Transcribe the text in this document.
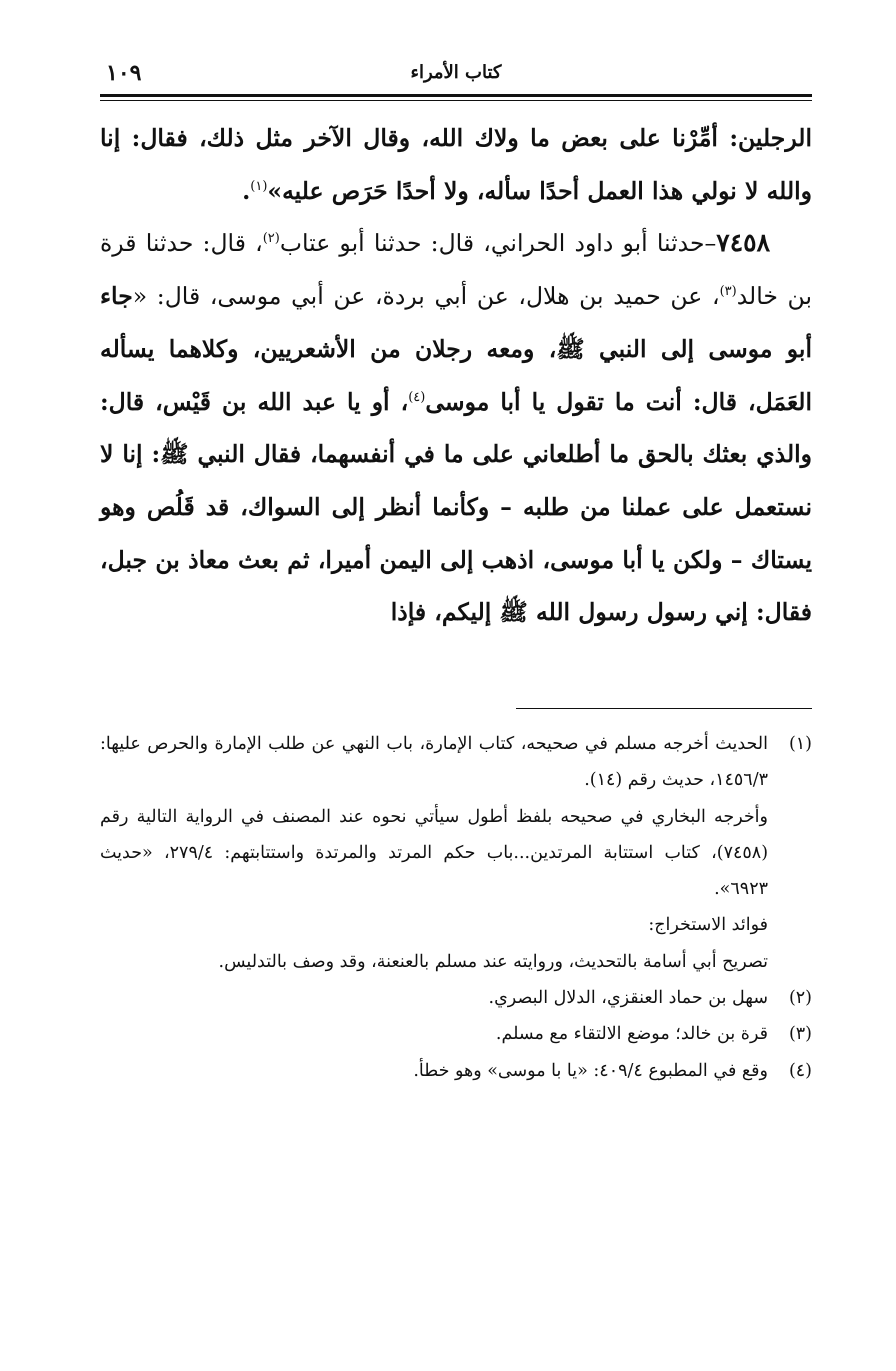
كتاب الأمراء
١٠٩

الرجلين: أمِّرْنا على بعض ما ولاك الله، وقال الآخر مثل ذلك، فقال: إنا والله لا نولي هذا العمل أحدًا سأله، ولا أحدًا حَرَص عليه»$^{(١)}$.

٧٤٥٨–حدثنا أبو داود الحراني، قال: حدثنا أبو عتاب$^{(٢)}$، قال: حدثنا قرة بن خالد$^{(٣)}$، عن حميد بن هلال، عن أبي بردة، عن أبي موسى، قال: «جاء أبو موسى إلى النبي ﷺ، ومعه رجلان من الأشعريين، وكلاهما يسأله العَمَل، قال: أنت ما تقول يا أبا موسى$^{(٤)}$، أو يا عبد الله بن قَيْس، قال: والذي بعثك بالحق ما أطلعاني على ما في أنفسهما، فقال النبي ﷺ: إنا لا نستعمل على عملنا من طلبه – وكأنما أنظر إلى السواك، قد قَلُص وهو يستاك – ولكن يا أبا موسى، اذهب إلى اليمن أميرا، ثم بعث معاذ بن جبل، فقال: إني رسول رسول الله ﷺ إليكم، فإذا

(١)
الحديث أخرجه مسلم في صحيحه، كتاب الإمارة، باب النهي عن طلب الإمارة والحرص عليها: ١٤٥٦/٣، حديث رقم (١٤).

وأخرجه البخاري في صحيحه بلفظ أطول سيأتي نحوه عند المصنف في الرواية التالية رقم (٧٤٥٨)، كتاب استتابة المرتدين...باب حكم المرتد والمرتدة واستتابتهم: ٢٧٩/٤، «حديث ٦٩٢٣».

فوائد الاستخراج:

تصريح أبي أسامة بالتحديث، وروايته عند مسلم بالعنعنة، وقد وصف بالتدليس.

(٢)
سهل بن حماد العنقزي، الدلال البصري.

(٣)
قرة بن خالد؛ موضع الالتقاء مع مسلم.

(٤)
وقع في المطبوع ٤٠٩/٤: «يا با موسى» وهو خطأ.
